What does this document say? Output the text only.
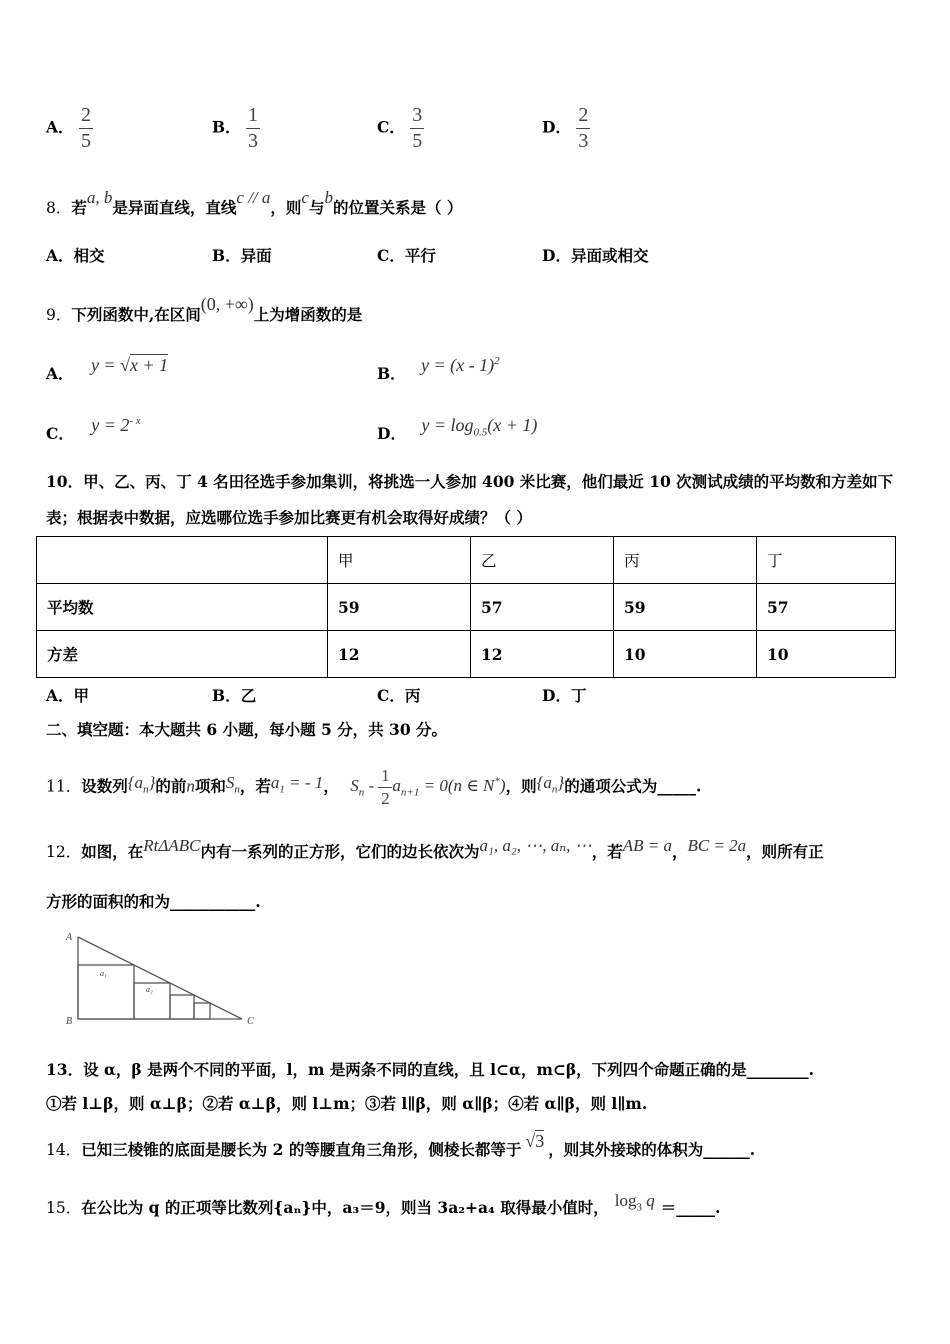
A． $\frac{2}{5}$	B． $\frac{1}{3}$	C． $\frac{3}{5}$	D． $\frac{2}{3}$
8．若a, b是异面直线，直线c // a，则c与b的位置关系是（ ）
A．相交	B．异面	C．平行	D．异面或相交
9．下列函数中,在区间(0, +∞)上为增函数的是
A． y = √x + 1	B． y = (x - 1)$^2$
C． $y = 2^{- x}$
D． $y = \log_{0.5}(x + 1)$
10．甲、乙、丙、丁 4 名田径选手参加集训，将挑选一人参加 400 米比赛，他们最近 10 次测试成绩的平均数和方差如下
表；根据表中数据，应选哪位选手参加比赛更有机会取得好成绩？（ ）
	甲	乙	丙	丁
平均数	59	57	59	57
方差	12	12	10	10
A．甲	B．乙	C．丙	D．丁
二、填空题：本大题共 6 小题，每小题 5 分，共 30 分。
11．设数列$\{a_n\}$的前n项和$S_n$，若$a_1$ = - 1， $S_n - \frac{1}{2} a_{n+1} = 0(n$ ∈ N*)，则$\{a_n\}$的通项公式为_____.
12．如图，在RtΔABC内有一系列的正方形，它们的边长依次为a₁, a₂, ⋯, aₙ, ⋯，若AB = a，BC = 2a，则所有正
方形的面积的和为___________.
A
B	C
a₁
a₂
13．设 α，β 是两个不同的平面，l，m 是两条不同的直线，且 l⊂α，m⊂β，下列四个命题正确的是________.
①若 l⊥β，则 α⊥β；②若 α⊥β，则 l⊥m；③若 l∥β，则 α∥β；④若 α∥β，则 l∥m.
14．已知三棱锥的底面是腰长为 2 的等腰直角三角形，侧棱长都等于 √3 ，则其外接球的体积为______.
15．在公比为 q 的正项等比数列{aₙ}中，a₃＝9，则当 3a₂+a₄ 取得最小值时， $\log_3 q$ ＝_____.
